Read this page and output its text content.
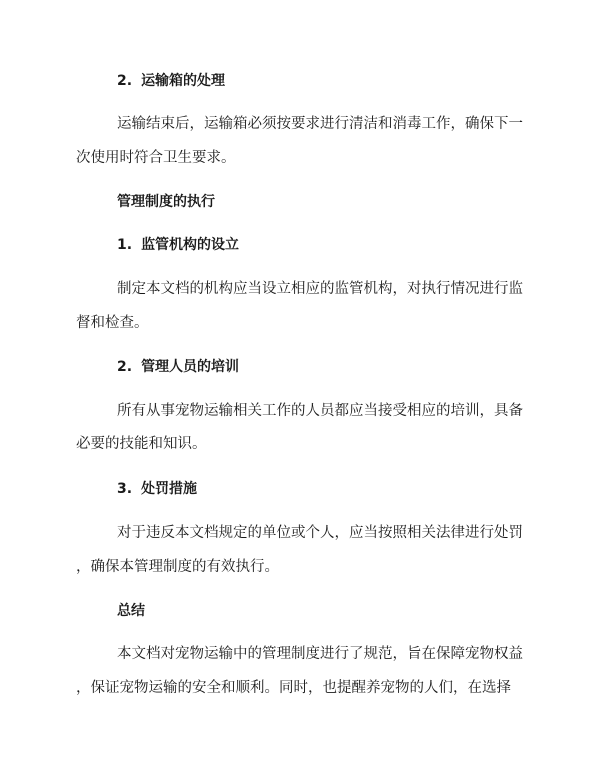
2. 运输箱的处理
运输结束后，运输箱必须按要求进行清洁和消毒工作，确保下一
次使用时符合卫生要求。
管理制度的执行
1. 监管机构的设立
制定本文档的机构应当设立相应的监管机构，对执行情况进行监
督和检查。
2. 管理人员的培训
所有从事宠物运输相关工作的人员都应当接受相应的培训，具备
必要的技能和知识。
3. 处罚措施
对于违反本文档规定的单位或个人，应当按照相关法律进行处罚
，确保本管理制度的有效执行。
总结
本文档对宠物运输中的管理制度进行了规范，旨在保障宠物权益
，保证宠物运输的安全和顺利。同时，也提醒养宠物的人们，在选择
